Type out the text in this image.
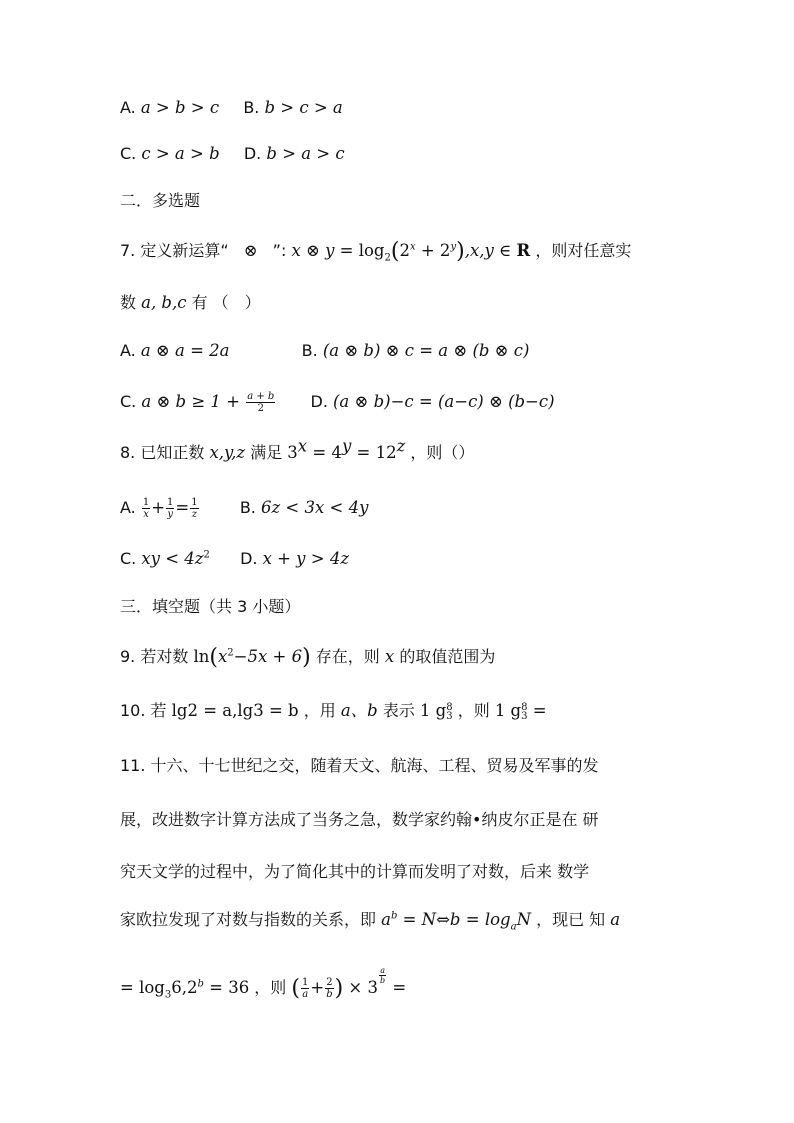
A. a > b > c B. b > c > a
C. c > a > b D. b > a > c
二．多选题
7. 定义新运算“ ⊗ ”: x ⊗ $y = \log_2(2^x + 2^y),x,y$ ∈ R ，则对任意实
数 a, b,c 有 （　）
A. a ⊗ a = 2a	B. (a ⊗ b) ⊗ c = a ⊗ (b ⊗ c)
C. a ⊗ $b \ge 1 + \frac{a + b}{2} D$. (a ⊗ b)−c = (a−c) ⊗ (b−c)
8. 已知正数 x,y,z 满足 $3^x = 4^y = 12^z$ ，则（）
A. $\frac{1}{x} + \frac{1}{y} = \frac{1}{z}$	B. 6z < 3x < 4y
C. xy < $4z^2$ D. x + y > 4z
三．填空题（共 3 小题）
9. 若对数 $\ln(x^2-5x + 6)$ 存在，则 x 的取值范围为
10. 若 lg2 = a,lg3 = b ，用 a、b 表示 1 g 8
3 ，则 1 g 8
3 =
11. 十六、十七世纪之交，随着天文、航海、工程、贸易及军事的发
展，改进数字计算方法成了当务之急，数学家约翰•纳皮尔正是在 研
究天文学的过程中，为了简化其中的计算而发明了对数，后来 数学
家欧拉发现了对数与指数的关系，即 $a^b$ = N⇔b = $\log_aN$ ，现已 知 a
= $\log_36,2^b = 36$ ，则 ( $\frac{1}{a} + \frac{2}{b}$ ) × 3
$\frac{a}{b}$
=
